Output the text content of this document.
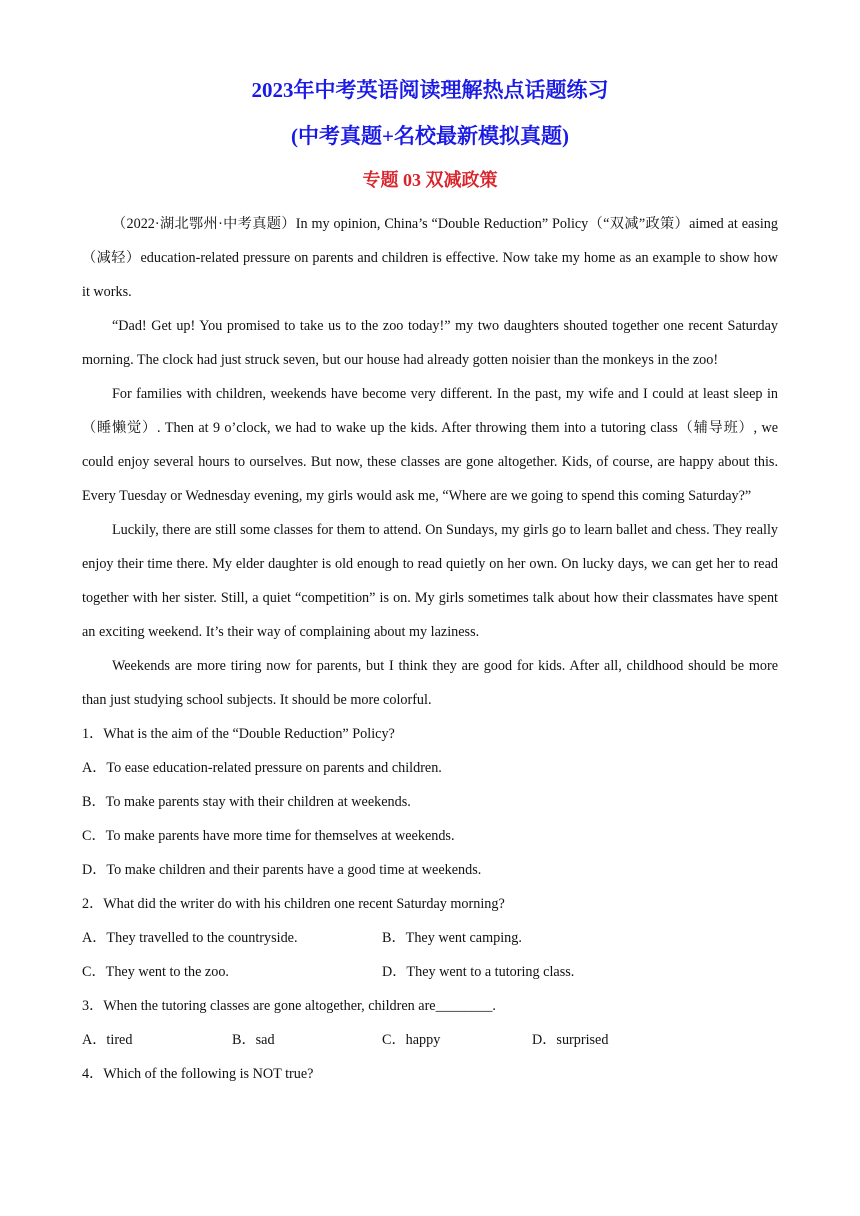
2023年中考英语阅读理解热点话题练习
(中考真题+名校最新模拟真题)
专题 03 双减政策

（2022·湖北鄂州·中考真题）In my opinion, China’s “Double Reduction” Policy（“双减”政策）aimed at easing（减轻）education-related pressure on parents and children is effective. Now take my home as an example to show how it works.

“Dad! Get up! You promised to take us to the zoo today!” my two daughters shouted together one recent Saturday morning. The clock had just struck seven, but our house had already gotten noisier than the monkeys in the zoo!

For families with children, weekends have become very different. In the past, my wife and I could at least sleep in（睡懒觉）. Then at 9 o’clock, we had to wake up the kids. After throwing them into a tutoring class（辅导班）, we could enjoy several hours to ourselves. But now, these classes are gone altogether. Kids, of course, are happy about this. Every Tuesday or Wednesday evening, my girls would ask me, “Where are we going to spend this coming Saturday?”

Luckily, there are still some classes for them to attend. On Sundays, my girls go to learn ballet and chess. They really enjoy their time there. My elder daughter is old enough to read quietly on her own. On lucky days, we can get her to read together with her sister. Still, a quiet “competition” is on. My girls sometimes talk about how their classmates have spent an exciting weekend. It’s their way of complaining about my laziness.

Weekends are more tiring now for parents, but I think they are good for kids. After all, childhood should be more than just studying school subjects. It should be more colorful.

1．What is the aim of the “Double Reduction” Policy?

A．To ease education-related pressure on parents and children.

B．To make parents stay with their children at weekends.

C．To make parents have more time for themselves at weekends.

D．To make children and their parents have a good time at weekends.

2．What did the writer do with his children one recent Saturday morning?

A．They travelled to the countryside.	B．They went camping.
C．They went to the zoo.	D．They went to a tutoring class.

3．When the tutoring classes are gone altogether, children are________.

A．tired	B．sad	C．happy	D．surprised

4．Which of the following is NOT true?
